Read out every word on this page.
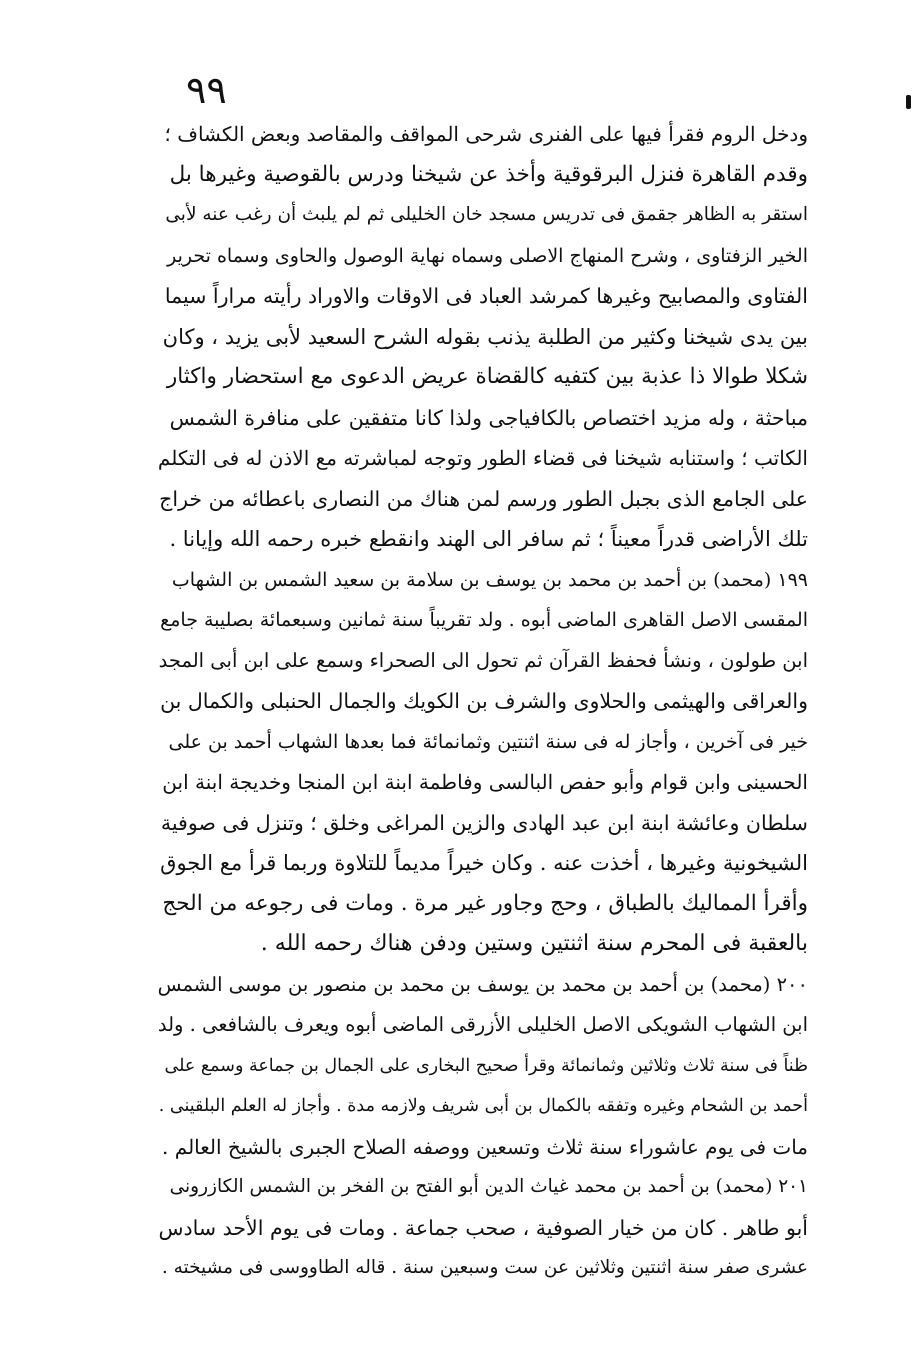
٩٩
ودخل الروم فقرأ فيها على الفنرى شرحى المواقف والمقاصد وبعض الكشاف ؛
وقدم القاهرة فنزل البرقوقية وأخذ عن شيخنا ودرس بالقوصية وغيرها بل
استقر به الظاهر جقمق فى تدريس مسجد خان الخليلى ثم لم يلبث أن رغب عنه لأبى
الخير الزفتاوى ، وشرح المنهاج الاصلى وسماه نهاية الوصول والحاوى وسماه تحرير
الفتاوى والمصابيح وغيرها كمرشد العباد فى الاوقات والاوراد رأيته مراراً سيما
بين يدى شيخنا وكثير من الطلبة يذنب بقوله الشرح السعيد لأبى يزيد ، وكان
شكلا طوالا ذا عذبة بين كتفيه كالقضاة عريض الدعوى مع استحضار واكثار
مباحثة ، وله مزيد اختصاص بالكافياجى ولذا كانا متفقين على منافرة الشمس
الكاتب ؛ واستنابه شيخنا فى قضاء الطور وتوجه لمباشرته مع الاذن له فى التكلم
على الجامع الذى بجبل الطور ورسم لمن هناك من النصارى باعطائه من خراج
تلك الأراضى قدراً معيناً ؛ ثم سافر الى الهند وانقطع خبره رحمه الله وإيانا .
١٩٩ (محمد) بن أحمد بن محمد بن يوسف بن سلامة بن سعيد الشمس بن الشهاب
المقسى الاصل القاهرى الماضى أبوه . ولد تقريباً سنة ثمانين وسبعمائة بصليبة جامع
ابن طولون ، ونشأ فحفظ القرآن ثم تحول الى الصحراء وسمع على ابن أبى المجد
والعراقى والهيثمى والحلاوى والشرف بن الكويك والجمال الحنبلى والكمال بن
خير فى آخرين ، وأجاز له فى سنة اثنتين وثمانمائة فما بعدها الشهاب أحمد بن على
الحسينى وابن قوام وأبو حفص البالسى وفاطمة ابنة ابن المنجا وخديجة ابنة ابن
سلطان وعائشة ابنة ابن عبد الهادى والزين المراغى وخلق ؛ وتنزل فى صوفية
الشيخونية وغيرها ، أخذت عنه . وكان خيراً مديماً للتلاوة وربما قرأ مع الجوق
وأقرأ المماليك بالطباق ، وحج وجاور غير مرة . ومات فى رجوعه من الحج
بالعقبة فى المحرم سنة اثنتين وستين ودفن هناك رحمه الله .
٢٠٠ (محمد) بن أحمد بن محمد بن يوسف بن محمد بن منصور بن موسى الشمس
ابن الشهاب الشويكى الاصل الخليلى الأزرقى الماضى أبوه ويعرف بالشافعى . ولد
ظناً فى سنة ثلاث وثلاثين وثمانمائة وقرأ صحيح البخارى على الجمال بن جماعة وسمع على
أحمد بن الشحام وغيره وتفقه بالكمال بن أبى شريف ولازمه مدة . وأجاز له العلم البلقينى .
مات فى يوم عاشوراء سنة ثلاث وتسعين ووصفه الصلاح الجبرى بالشيخ العالم .
٢٠١ (محمد) بن أحمد بن محمد غياث الدين أبو الفتح بن الفخر بن الشمس الكازرونى
أبو طاهر . كان من خيار الصوفية ، صحب جماعة . ومات فى يوم الأحد سادس
عشرى صفر سنة اثنتين وثلاثين عن ست وسبعين سنة . قاله الطاووسى فى مشيخته .
